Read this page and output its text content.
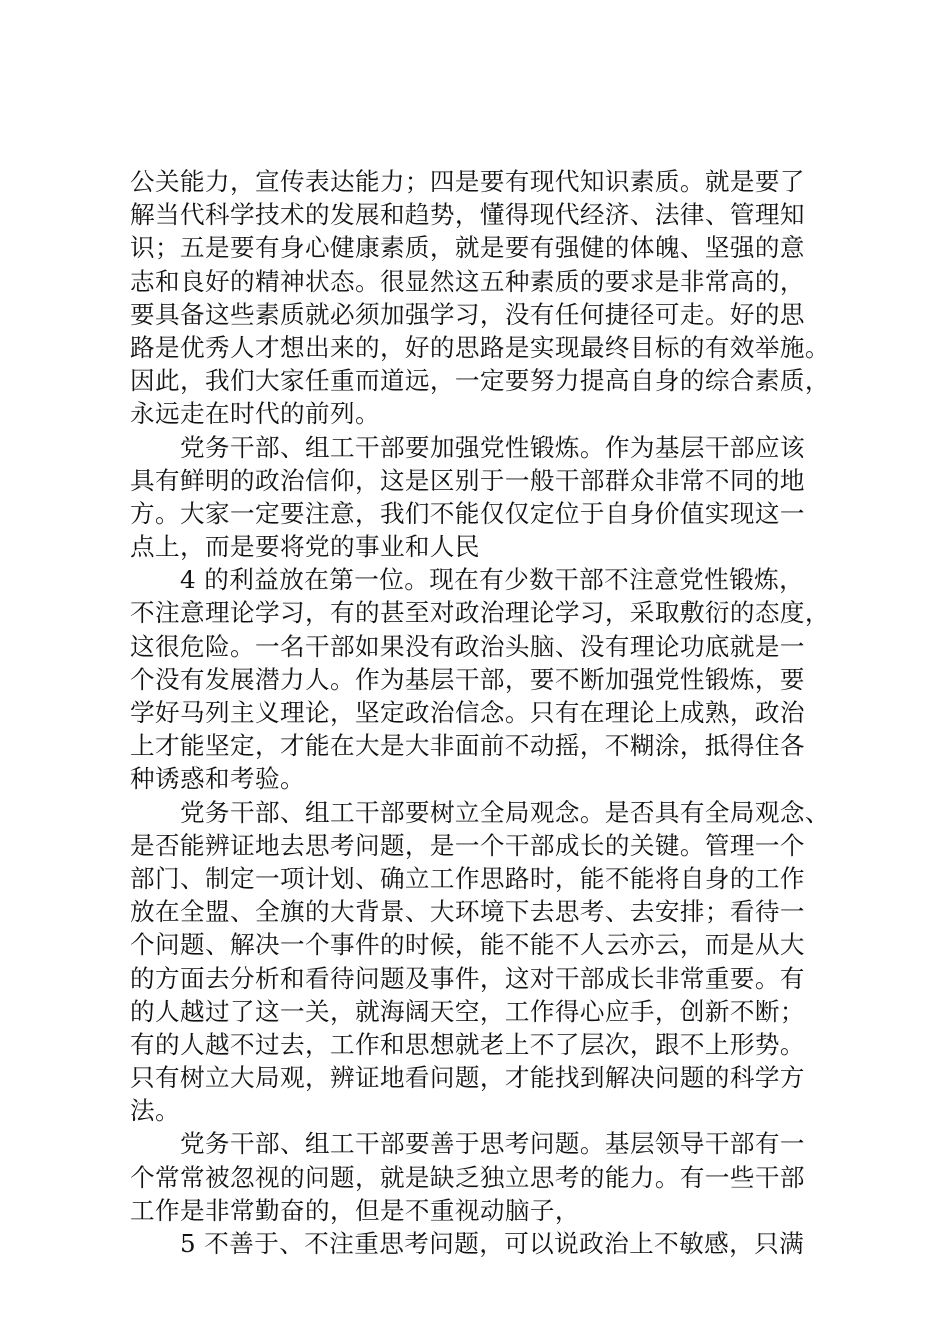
公关能力，宣传表达能力；四是要有现代知识素质。就是要了
解当代科学技术的发展和趋势，懂得现代经济、法律、管理知
识；五是要有身心健康素质，就是要有强健的体魄、坚强的意
志和良好的精神状态。很显然这五种素质的要求是非常高的，
要具备这些素质就必须加强学习，没有任何捷径可走。好的思
路是优秀人才想出来的，好的思路是实现最终目标的有效举施。
因此，我们大家任重而道远，一定要努力提高自身的综合素质，
永远走在时代的前列。
党务干部、组工干部要加强党性锻炼。作为基层干部应该
具有鲜明的政治信仰，这是区别于一般干部群众非常不同的地
方。大家一定要注意，我们不能仅仅定位于自身价值实现这一
点上，而是要将党的事业和人民
4 的利益放在第一位。现在有少数干部不注意党性锻炼，
不注意理论学习，有的甚至对政治理论学习，采取敷衍的态度，
这很危险。一名干部如果没有政治头脑、没有理论功底就是一
个没有发展潜力人。作为基层干部，要不断加强党性锻炼，要
学好马列主义理论，坚定政治信念。只有在理论上成熟，政治
上才能坚定，才能在大是大非面前不动摇，不糊涂，抵得住各
种诱惑和考验。
党务干部、组工干部要树立全局观念。是否具有全局观念、
是否能辨证地去思考问题，是一个干部成长的关键。管理一个
部门、制定一项计划、确立工作思路时，能不能将自身的工作
放在全盟、全旗的大背景、大环境下去思考、去安排；看待一
个问题、解决一个事件的时候，能不能不人云亦云，而是从大
的方面去分析和看待问题及事件，这对干部成长非常重要。有
的人越过了这一关，就海阔天空，工作得心应手，创新不断；
有的人越不过去，工作和思想就老上不了层次，跟不上形势。
只有树立大局观，辨证地看问题，才能找到解决问题的科学方
法。
党务干部、组工干部要善于思考问题。基层领导干部有一
个常常被忽视的问题，就是缺乏独立思考的能力。有一些干部
工作是非常勤奋的，但是不重视动脑子，
5 不善于、不注重思考问题，可以说政治上不敏感，只满
